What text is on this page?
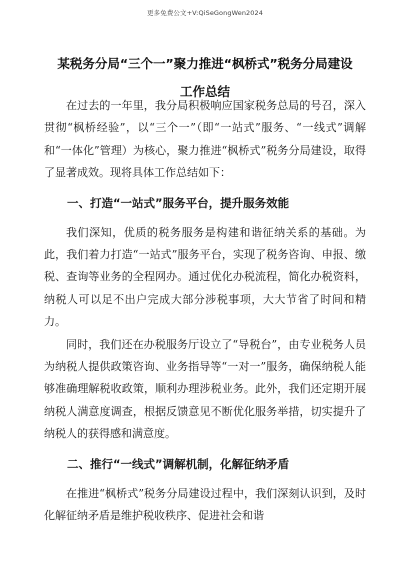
更多免费公文+V:QiSeGongWen2024
某税务分局“三个一”聚力推进“枫桥式”税务分局建设
工作总结

在过去的一年里，我分局积极响应国家税务总局的号召，深入贯彻“枫桥经验”，以“三个一”（即“一站式”服务、“一线式”调解和“一体化”管理）为核心，聚力推进“枫桥式”税务分局建设，取得了显著成效。现将具体工作总结如下：

一、打造“一站式”服务平台，提升服务效能

我们深知，优质的税务服务是构建和谐征纳关系的基础。为此，我们着力打造“一站式”服务平台，实现了税务咨询、申报、缴税、查询等业务的全程网办。通过优化办税流程，简化办税资料，纳税人可以足不出户完成大部分涉税事项，大大节省了时间和精力。

同时，我们还在办税服务厅设立了“导税台”，由专业税务人员为纳税人提供政策咨询、业务指导等“一对一”服务，确保纳税人能够准确理解税收政策，顺利办理涉税业务。此外，我们还定期开展纳税人满意度调查，根据反馈意见不断优化服务举措，切实提升了纳税人的获得感和满意度。

二、推行“一线式”调解机制，化解征纳矛盾

在推进“枫桥式”税务分局建设过程中，我们深刻认识到，及时化解征纳矛盾是维护税收秩序、促进社会和谐
